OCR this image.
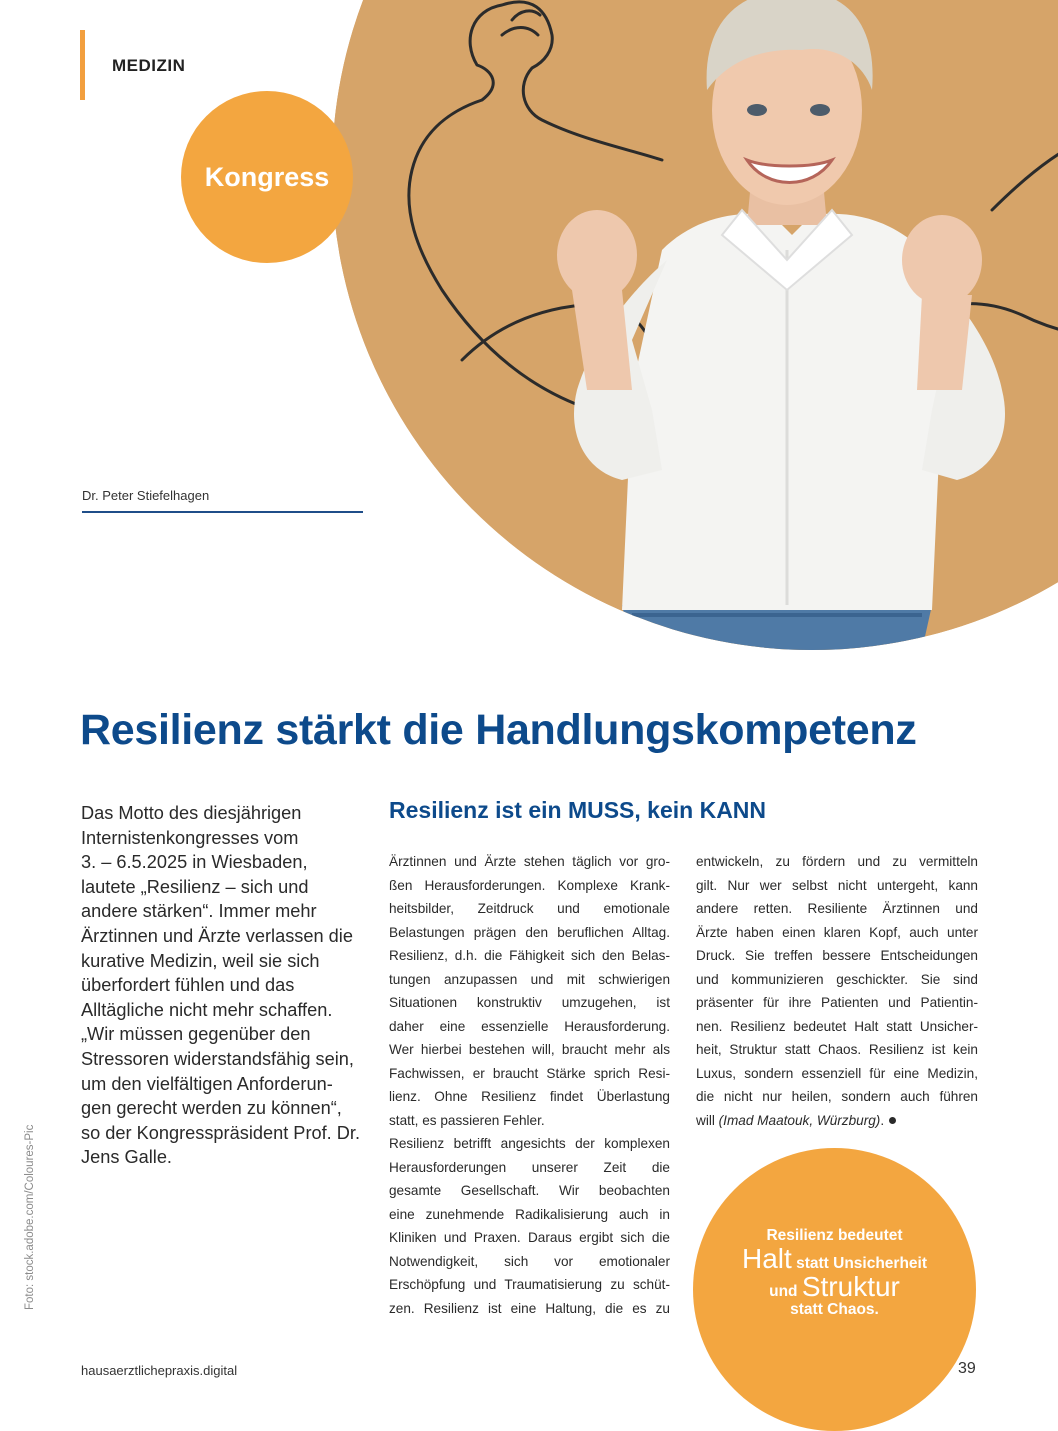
MEDIZIN
Kongress
Dr. Peter Stiefelhagen
Resilienz stärkt die Handlungskompetenz
Das Motto des diesjährigen
Internistenkongresses vom
3. – 6.5.2025 in Wiesbaden,
lautete „Resilienz – sich und
andere stärken“. Immer mehr
Ärztinnen und Ärzte verlassen die
kurative Medizin, weil sie sich
überfordert fühlen und das
Alltägliche nicht mehr schaffen.
„Wir müssen gegenüber den
Stressoren widerstandsfähig sein,
um den vielfältigen Anforderun-
gen gerecht werden zu können“,
so der Kongresspräsident Prof. Dr.
Jens Galle.
Resilienz ist ein MUSS, kein KANN
Ärztinnen und Ärzte stehen täglich vor gro-
ßen Herausforderungen. Komplexe Krank-
heitsbilder, Zeitdruck und emotionale
Belastungen prägen den beruflichen Alltag.
Resilienz, d.h. die Fähigkeit sich den Belas-
tungen anzupassen und mit schwierigen
Situationen konstruktiv umzugehen, ist
daher eine essenzielle Herausforderung.
Wer hierbei bestehen will, braucht mehr als
Fachwissen, er braucht Stärke sprich Resi-
lienz. Ohne Resilienz findet Überlastung
statt, es passieren Fehler.
Resilienz betrifft angesichts der komplexen
Herausforderungen unserer Zeit die
gesamte Gesellschaft. Wir beobachten
eine zunehmende Radikalisierung auch in
Kliniken und Praxen. Daraus ergibt sich die
Notwendigkeit, sich vor emotionaler
Erschöpfung und Traumatisierung zu schüt-
zen. Resilienz ist eine Haltung, die es zu
entwickeln, zu fördern und zu vermitteln
gilt. Nur wer selbst nicht untergeht, kann
andere retten. Resiliente Ärztinnen und
Ärzte haben einen klaren Kopf, auch unter
Druck. Sie treffen bessere Entscheidungen
und kommunizieren geschickter. Sie sind
präsenter für ihre Patienten und Patientin-
nen. Resilienz bedeutet Halt statt Unsicher-
heit, Struktur statt Chaos. Resilienz ist kein
Luxus, sondern essenziell für eine Medizin,
die nicht nur heilen, sondern auch führen
will (Imad Maatouk, Würzburg).
Resilienz bedeutet
Halt statt Unsicherheit
und Struktur
statt Chaos.
Foto: stock.adobe.com/Coloures-Pic
hausaerztlichepraxis.digital	39
